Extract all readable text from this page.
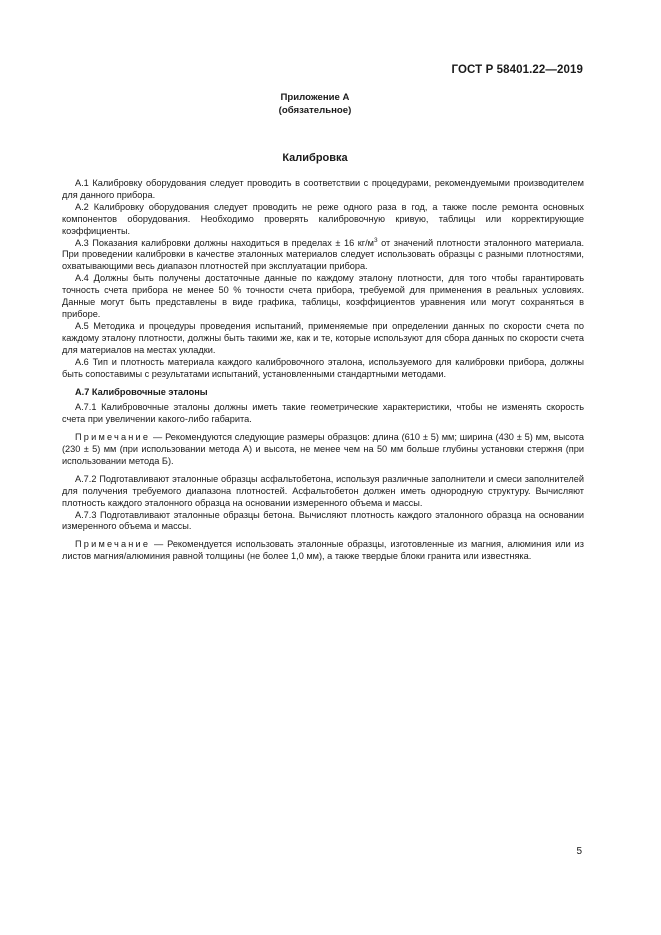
ГОСТ Р 58401.22—2019
Приложение А
(обязательное)
Калибровка

А.1 Калибровку оборудования следует проводить в соответствии с процедурами, рекомендуемыми производителем для данного прибора.

А.2 Калибровку оборудования следует проводить не реже одного раза в год, а также после ремонта основных компонентов оборудования. Необходимо проверять калибровочную кривую, таблицы или корректирующие коэффициенты.

А.3 Показания калибровки должны находиться в пределах ± 16 $кг/м^3$ от значений плотности эталонного материала. При проведении калибровки в качестве эталонных материалов следует использовать образцы с разными плотностями, охватывающими весь диапазон плотностей при эксплуатации прибора.

А.4 Должны быть получены достаточные данные по каждому эталону плотности, для того чтобы гарантировать точность счета прибора не менее 50 % точности счета прибора, требуемой для применения в реальных условиях. Данные могут быть представлены в виде графика, таблицы, коэффициентов уравнения или могут сохраняться в приборе.

А.5 Методика и процедуры проведения испытаний, применяемые при определении данных по скорости счета по каждому эталону плотности, должны быть такими же, как и те, которые используют для сбора данных по скорости счета для материалов на местах укладки.

А.6 Тип и плотность материала каждого калибровочного эталона, используемого для калибровки прибора, должны быть сопоставимы с результатами испытаний, установленными стандартными методами.

А.7 Калибровочные эталоны

А.7.1 Калибровочные эталоны должны иметь такие геометрические характеристики, чтобы не изменять скорость счета при увеличении какого-либо габарита.

Примечание — Рекомендуются следующие размеры образцов: длина (610 ± 5) мм; ширина (430 ± 5) мм, высота (230 ± 5) мм (при использовании метода А) и высота, не менее чем на 50 мм больше глубины установки стержня (при использовании метода Б).

А.7.2 Подготавливают эталонные образцы асфальтобетона, используя различные заполнители и смеси заполнителей для получения требуемого диапазона плотностей. Асфальтобетон должен иметь однородную структуру. Вычисляют плотность каждого эталонного образца на основании измеренного объема и массы.

А.7.3 Подготавливают эталонные образцы бетона. Вычисляют плотность каждого эталонного образца на основании измеренного объема и массы.

Примечание — Рекомендуется использовать эталонные образцы, изготовленные из магния, алюминия или из листов магния/алюминия равной толщины (не более 1,0 мм), а также твердые блоки гранита или известняка.

5
